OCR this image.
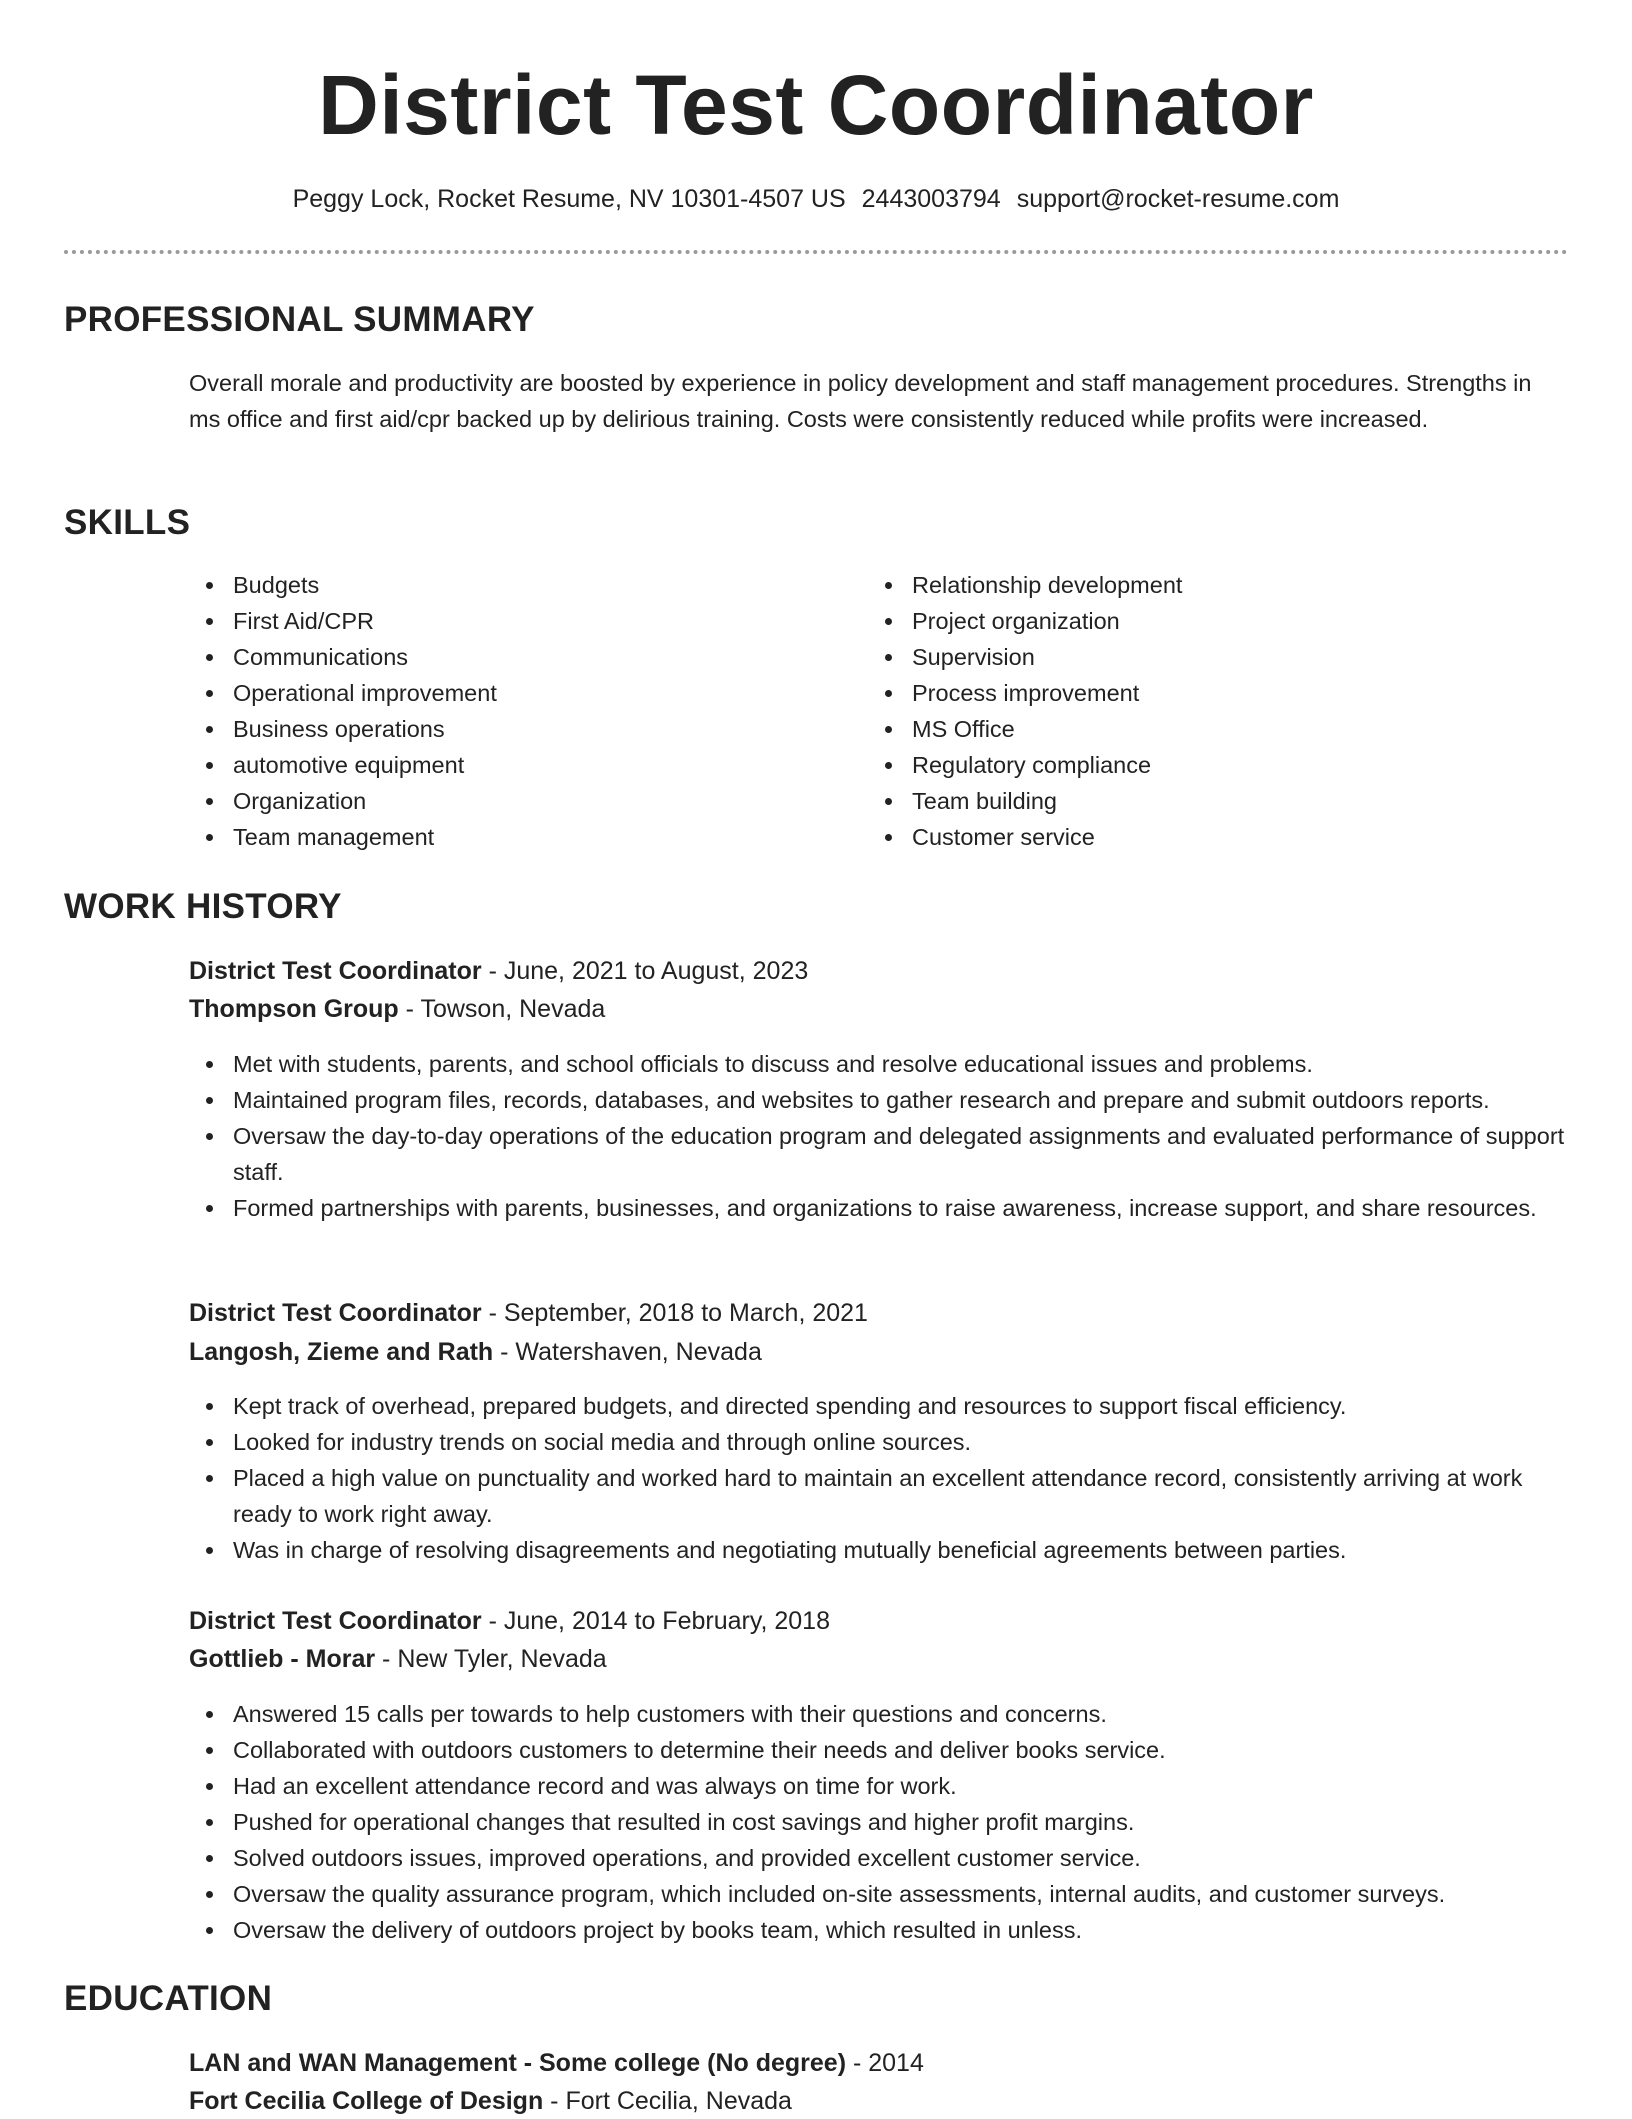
District Test Coordinator
Peggy Lock, Rocket Resume, NV 10301-4507 US 2443003794 support@rocket-resume.com
PROFESSIONAL SUMMARY
Overall morale and productivity are boosted by experience in policy development and staff management procedures. Strengths in ms office and first aid/cpr backed up by delirious training. Costs were consistently reduced while profits were increased.
SKILLS
Budgets
First Aid/CPR
Communications
Operational improvement
Business operations
automotive equipment
Organization
Team management
Relationship development
Project organization
Supervision
Process improvement
MS Office
Regulatory compliance
Team building
Customer service
WORK HISTORY
District Test Coordinator - June, 2021 to August, 2023
Thompson Group - Towson, Nevada
Met with students, parents, and school officials to discuss and resolve educational issues and problems.
Maintained program files, records, databases, and websites to gather research and prepare and submit outdoors reports.
Oversaw the day-to-day operations of the education program and delegated assignments and evaluated performance of support staff.
Formed partnerships with parents, businesses, and organizations to raise awareness, increase support, and share resources.
District Test Coordinator - September, 2018 to March, 2021
Langosh, Zieme and Rath - Watershaven, Nevada
Kept track of overhead, prepared budgets, and directed spending and resources to support fiscal efficiency.
Looked for industry trends on social media and through online sources.
Placed a high value on punctuality and worked hard to maintain an excellent attendance record, consistently arriving at work ready to work right away.
Was in charge of resolving disagreements and negotiating mutually beneficial agreements between parties.
District Test Coordinator - June, 2014 to February, 2018
Gottlieb - Morar - New Tyler, Nevada
Answered 15 calls per towards to help customers with their questions and concerns.
Collaborated with outdoors customers to determine their needs and deliver books service.
Had an excellent attendance record and was always on time for work.
Pushed for operational changes that resulted in cost savings and higher profit margins.
Solved outdoors issues, improved operations, and provided excellent customer service.
Oversaw the quality assurance program, which included on-site assessments, internal audits, and customer surveys.
Oversaw the delivery of outdoors project by books team, which resulted in unless.
EDUCATION
LAN and WAN Management - Some college (No degree) - 2014
Fort Cecilia College of Design - Fort Cecilia, Nevada
